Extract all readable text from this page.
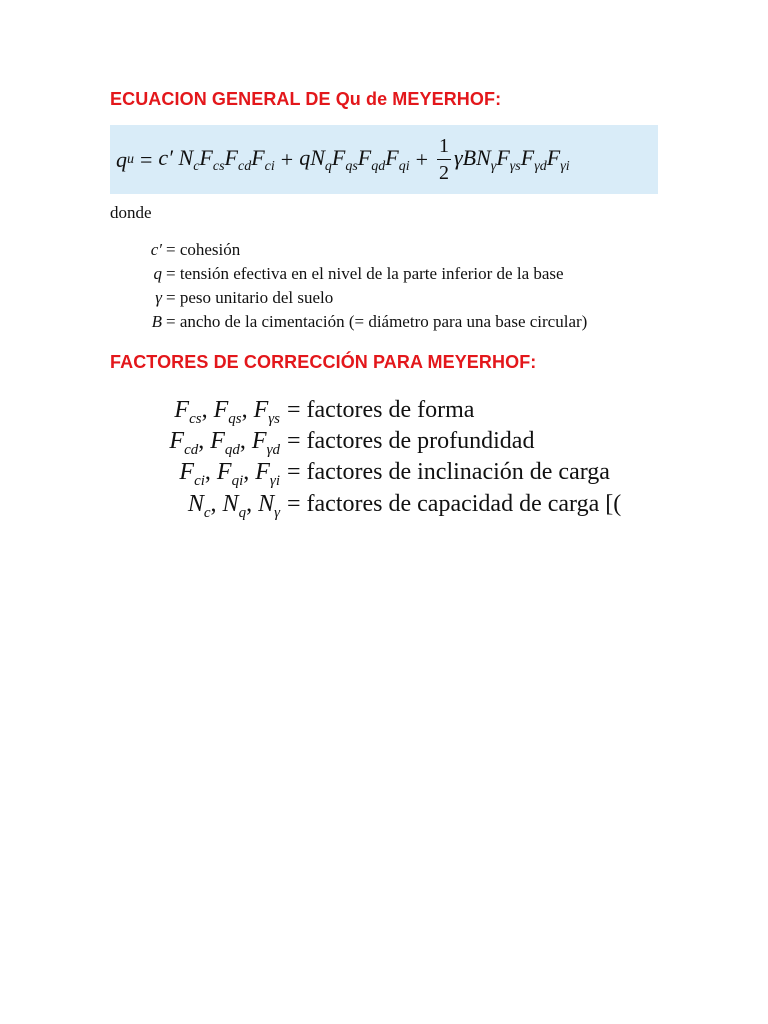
ECUACION GENERAL DE Qu de MEYERHOF:
q u = c′ $N_cF_{cs}F_{cd}F_{ci} + qN_qF_{qs}F_{qd}F_{qi} + \frac{1}{2} \gamma BN_\gamma F_{\gamma s}F_{\gamma d}F_{\gamma i}$
donde
c′ = cohesión
q = tensión efectiva en el nivel de la parte inferior de la base
γ = peso unitario del suelo
B = ancho de la cimentación (= diámetro para una base circular)
FACTORES DE CORRECCIÓN PARA MEYERHOF:
$F_{cs}$, $F_{qs}$, $F_{\gamma s}$ = factores de forma
$F_{cd}$, $F_{qd}$, $F_{\gamma d}$ = factores de profundidad
$F_{ci}$, $F_{qi}$, $F_{\gamma i}$ = factores de inclinación de carga
$N_c$, $N_q$, $N_\gamma$ = factores de capacidad de carga [(
